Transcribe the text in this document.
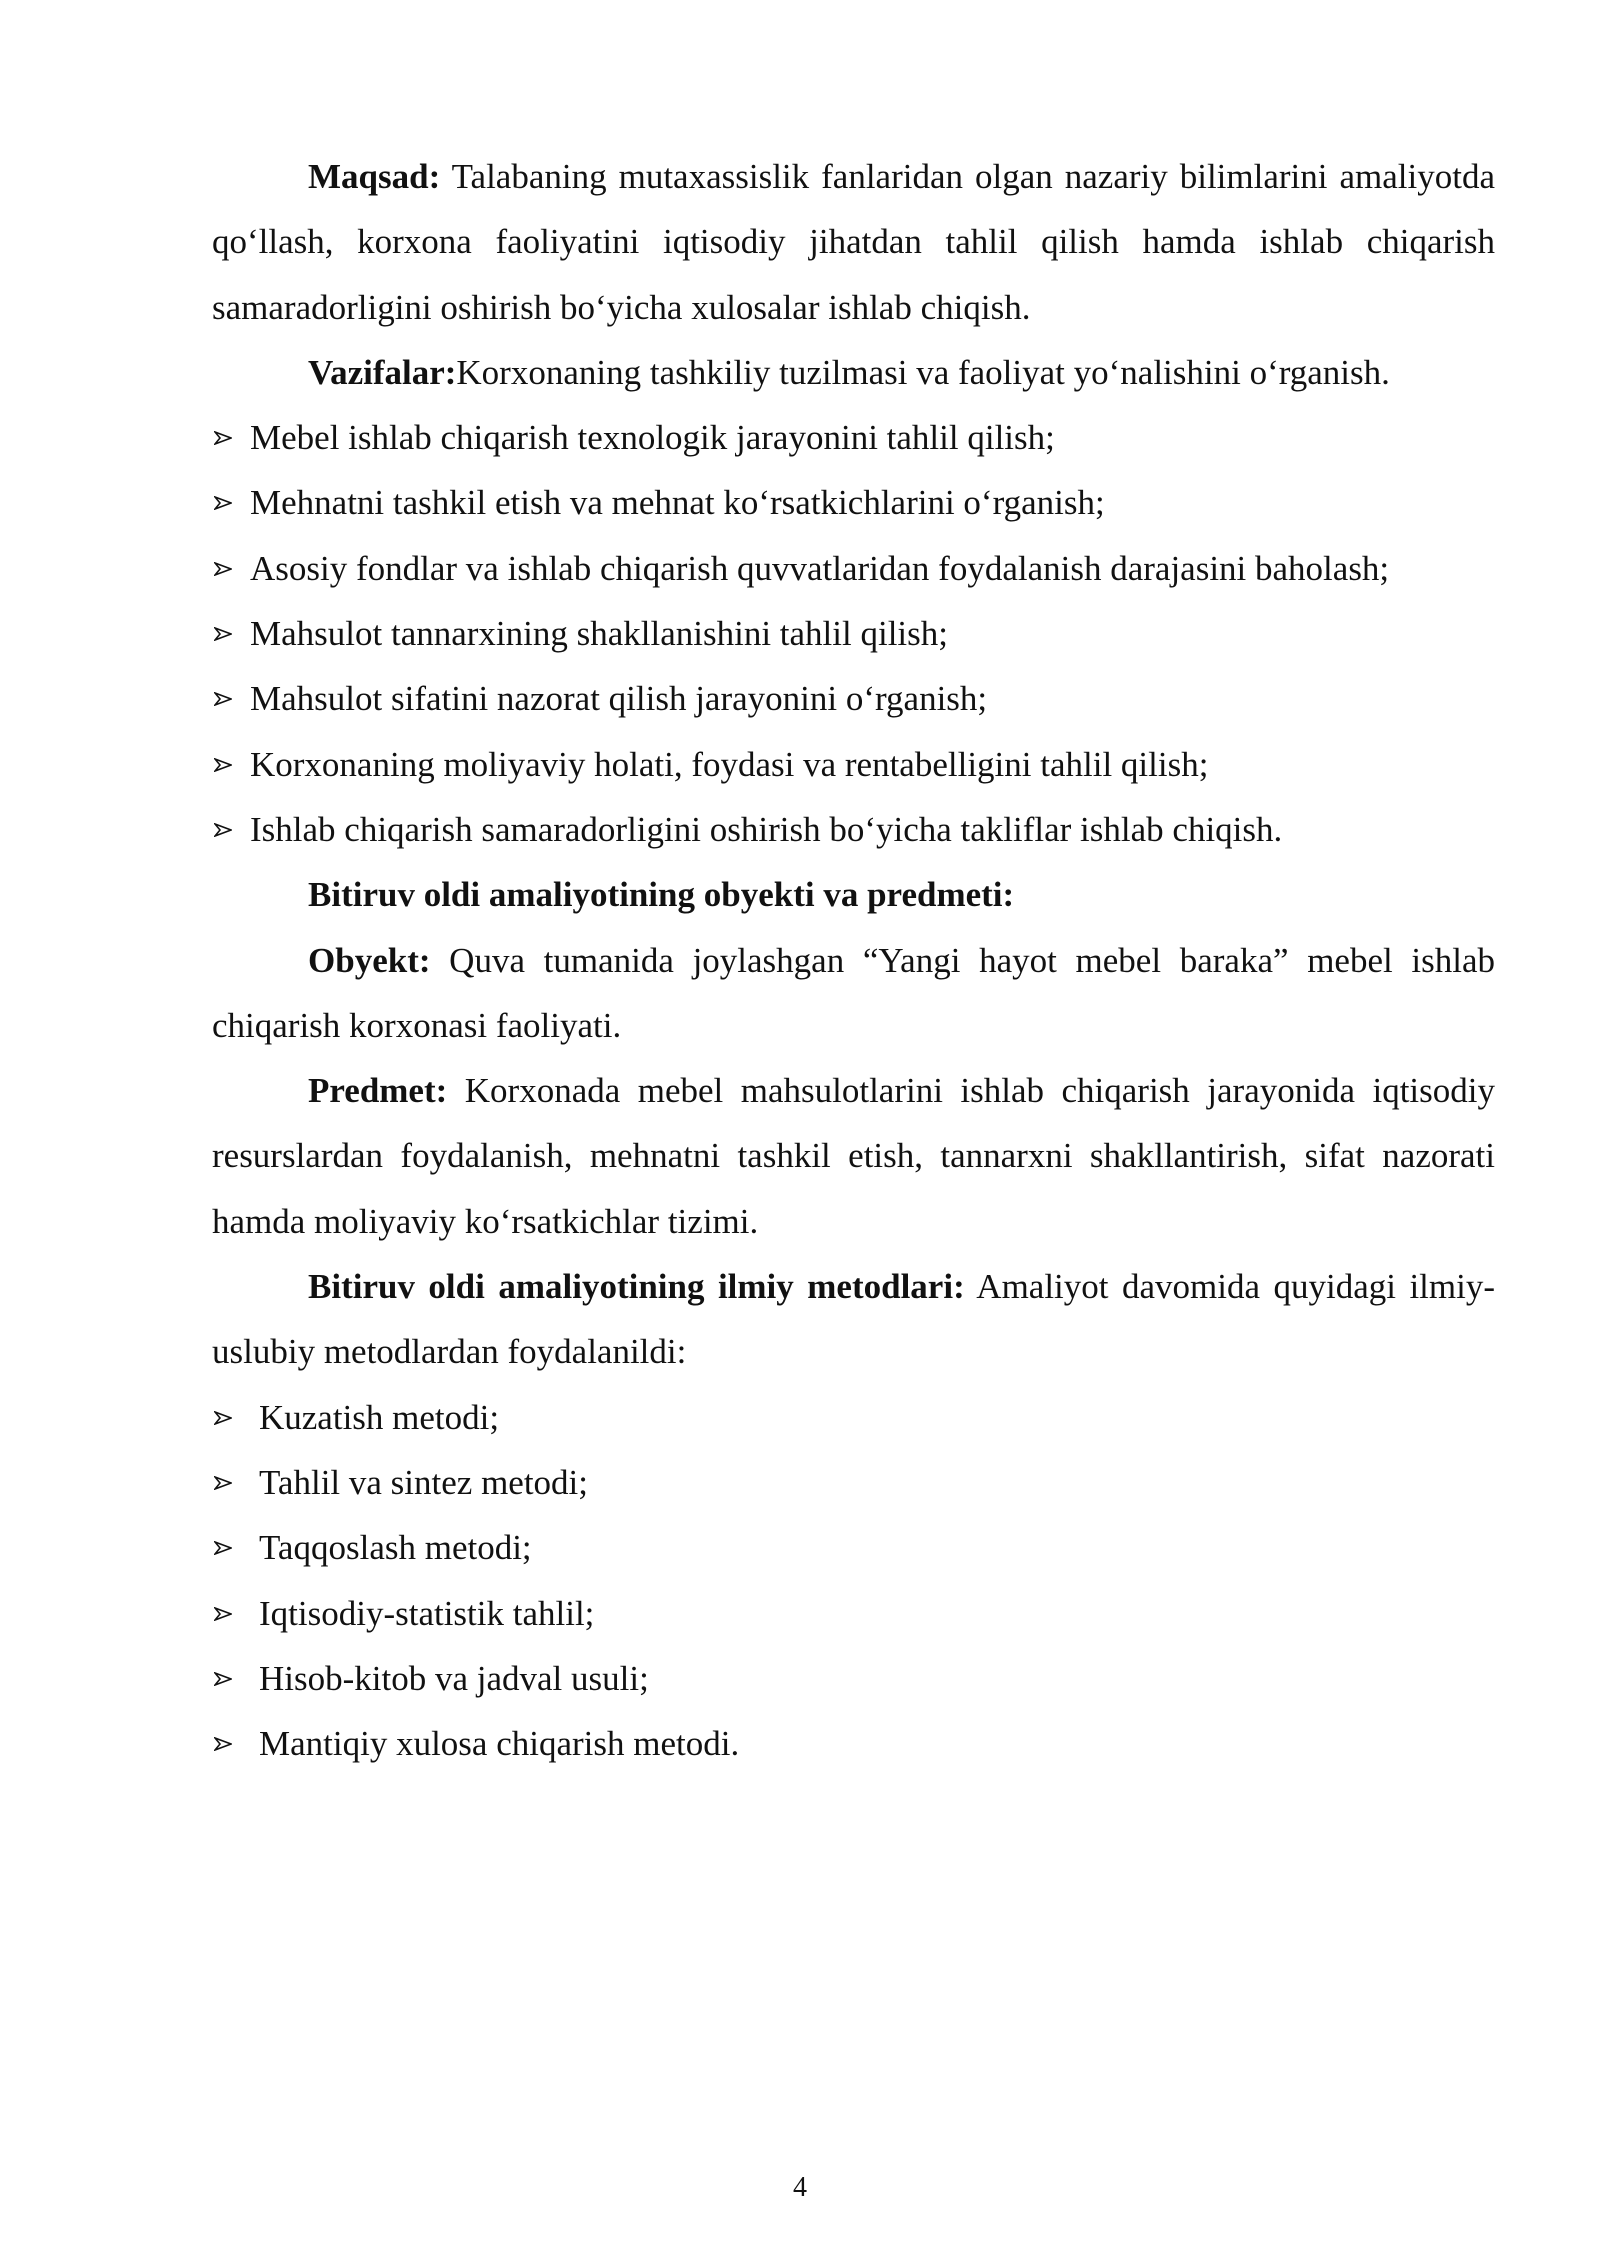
Maqsad: Talabaning mutaxassislik fanlaridan olgan nazariy bilimlarini amaliyotda qo‘llash, korxona faoliyatini iqtisodiy jihatdan tahlil qilish hamda ishlab chiqarish samaradorligini oshirish bo‘yicha xulosalar ishlab chiqish.

Vazifalar:Korxonaning tashkiliy tuzilmasi va faoliyat yo‘nalishini o‘rganish.

Mebel ishlab chiqarish texnologik jarayonini tahlil qilish;
Mehnatni tashkil etish va mehnat ko‘rsatkichlarini o‘rganish;
Asosiy fondlar va ishlab chiqarish quvvatlaridan foydalanish darajasini baholash;
Mahsulot tannarxining shakllanishini tahlil qilish;
Mahsulot sifatini nazorat qilish jarayonini o‘rganish;
Korxonaning moliyaviy holati, foydasi va rentabelligini tahlil qilish;
Ishlab chiqarish samaradorligini oshirish bo‘yicha takliflar ishlab chiqish.

Bitiruv oldi amaliyotining obyekti va predmeti:

Obyekt: Quva tumanida joylashgan “Yangi hayot mebel baraka” mebel ishlab chiqarish korxonasi faoliyati.

Predmet: Korxonada mebel mahsulotlarini ishlab chiqarish jarayonida iqtisodiy resurslardan foydalanish, mehnatni tashkil etish, tannarxni shakllantirish, sifat nazorati hamda moliyaviy ko‘rsatkichlar tizimi.

Bitiruv oldi amaliyotining ilmiy metodlari: Amaliyot davomida quyidagi ilmiy-uslubiy metodlardan foydalanildi:

Kuzatish metodi;
Tahlil va sintez metodi;
Taqqoslash metodi;
Iqtisodiy-statistik tahlil;
Hisob-kitob va jadval usuli;
Mantiqiy xulosa chiqarish metodi.
4
